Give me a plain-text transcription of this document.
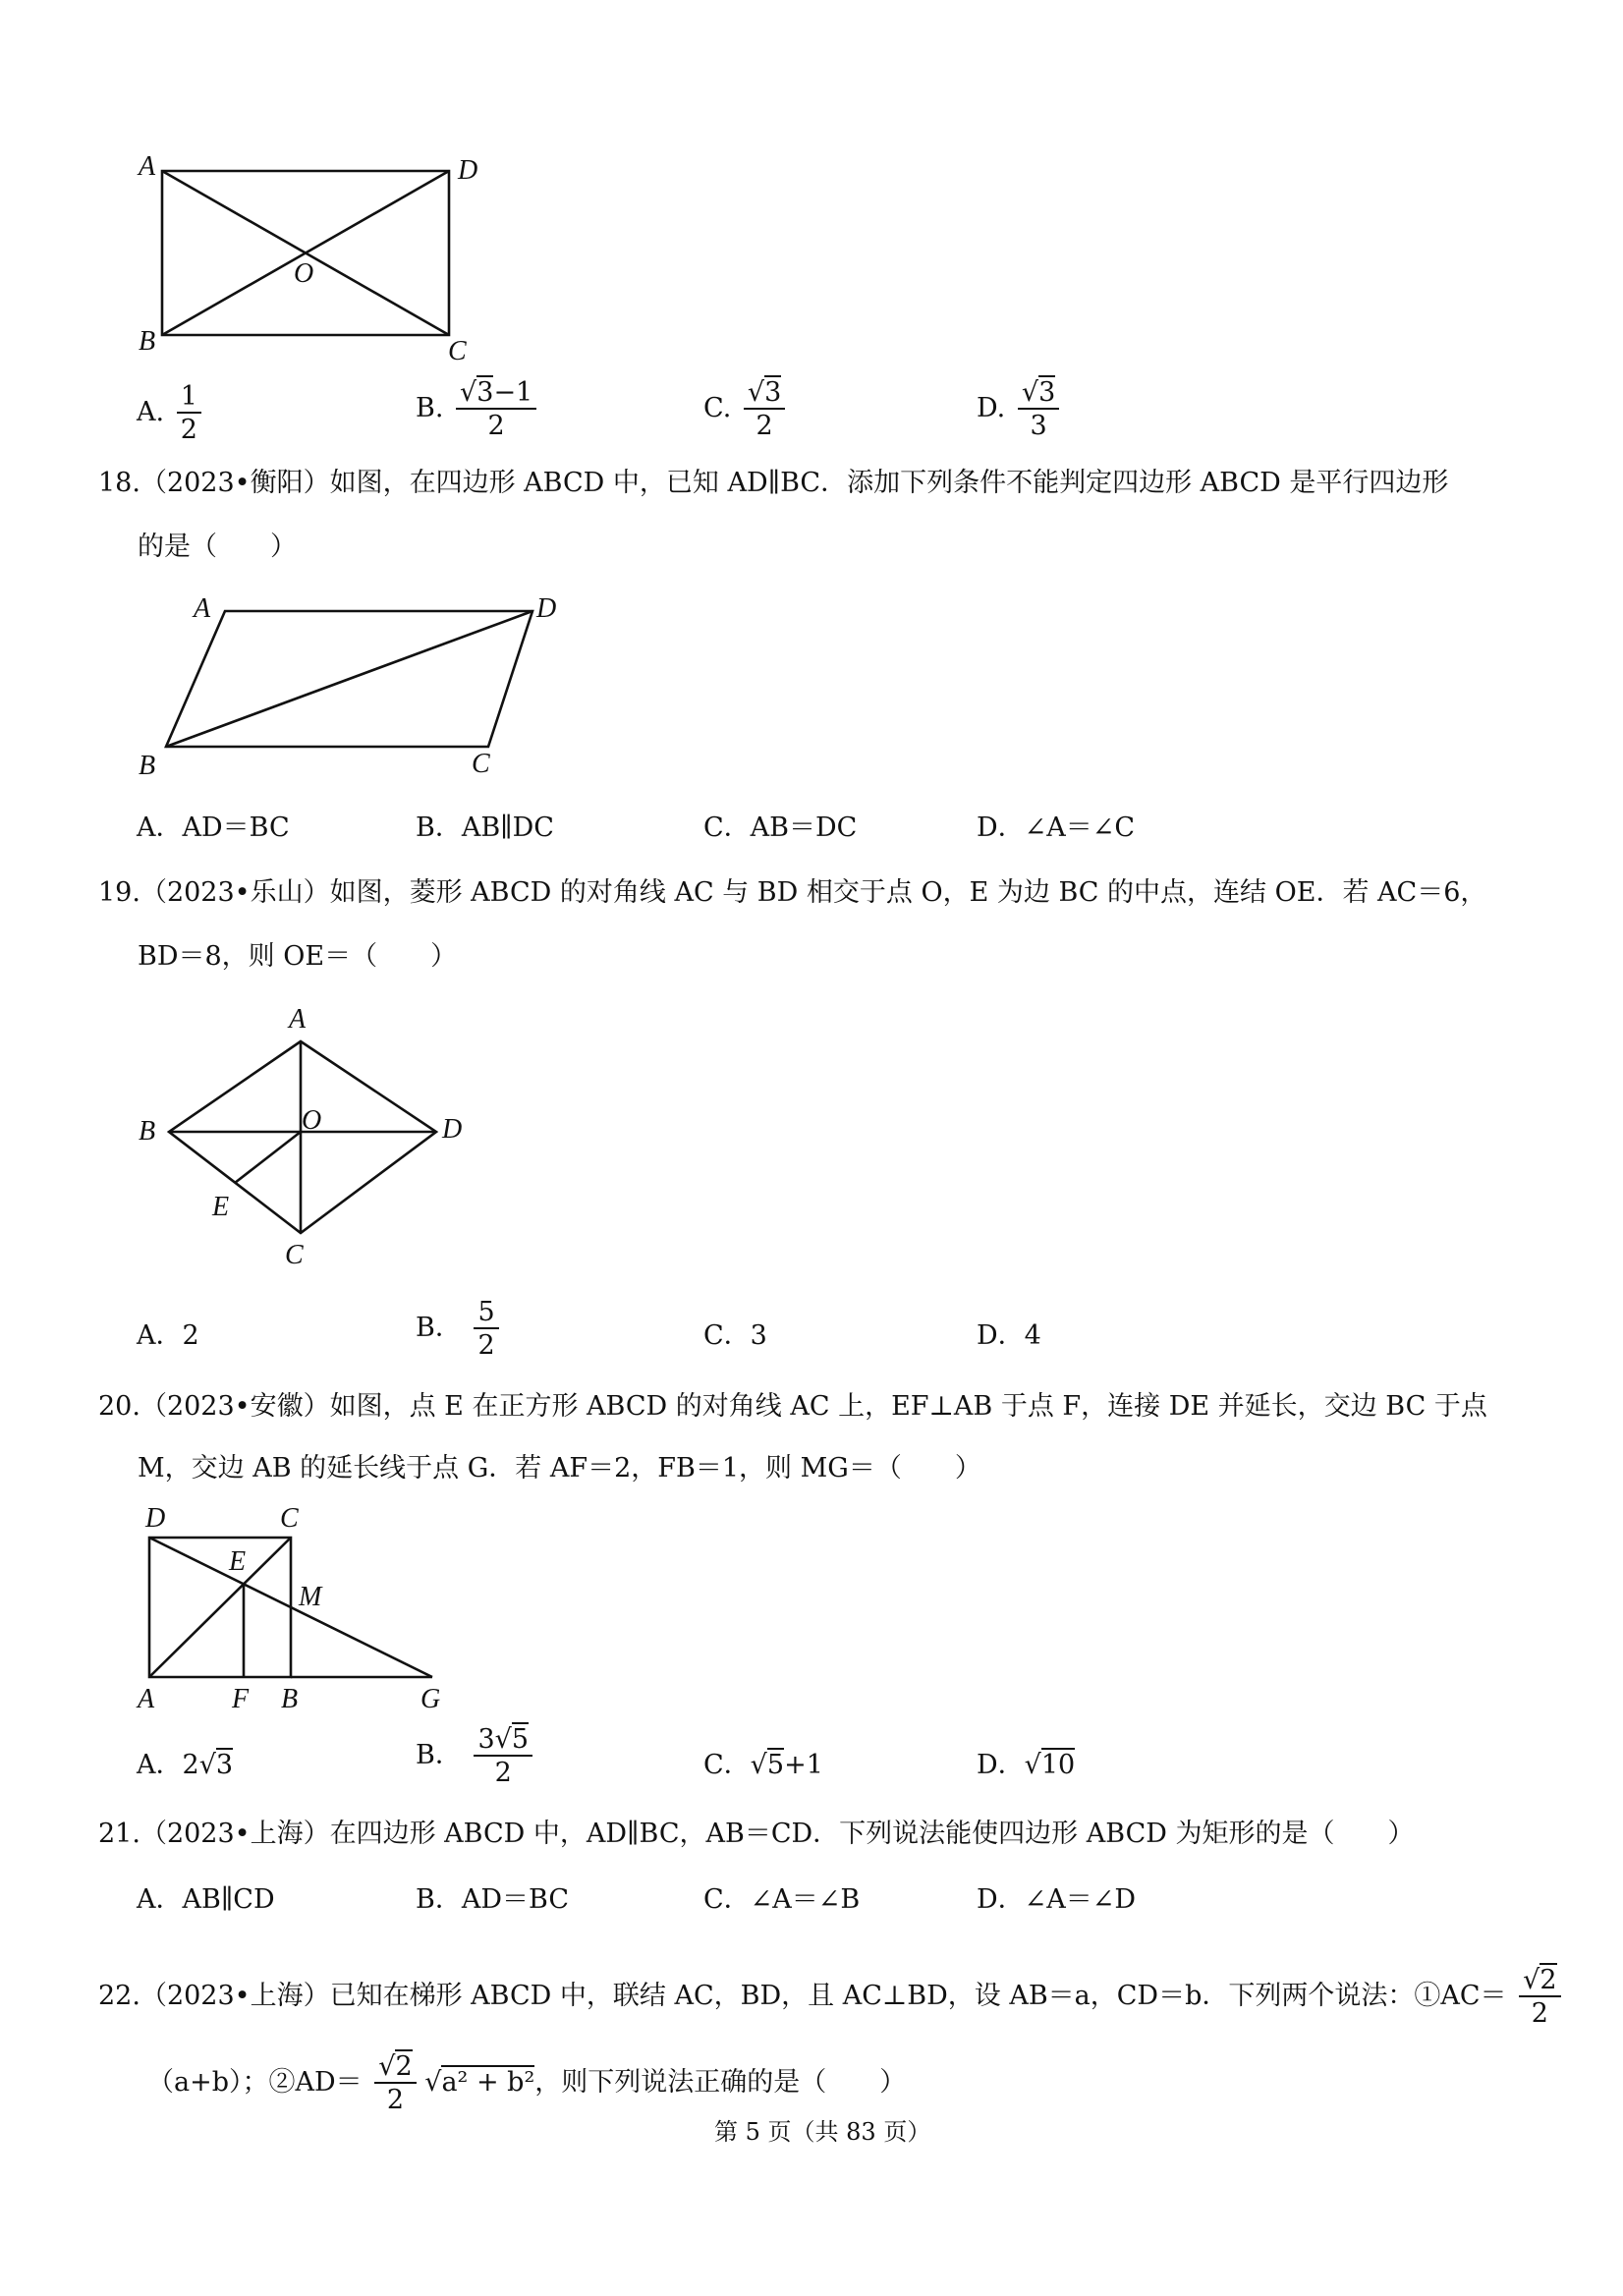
A	D
O
B	C
A. $\frac{1}{2}$	B. $\frac{√3-1}{2}$	C. $\frac{√3}{2}$	D. $\frac{√3}{3}$
18.（2023•衡阳）如图，在四边形 ABCD 中，已知 AD∥BC．添加下列条件不能判定四边形 ABCD 是平行四边形
的是（　　）
A	D
B	C
A．AD＝BC	B．AB∥DC	C．AB＝DC	D．∠A＝∠C
19.（2023•乐山）如图，菱形 ABCD 的对角线 AC 与 BD 相交于点 O，E 为边 BC 的中点，连结 OE．若 AC＝6，
BD＝8，则 OE＝（　　）
A
B	O	D
E
C
A．2	B． $\frac{5}{2}$	C．3	D．4
20.（2023•安徽）如图，点 E 在正方形 ABCD 的对角线 AC 上，EF⊥AB 于点 F，连接 DE 并延长，交边 BC 于点
M，交边 AB 的延长线于点 G．若 AF＝2，FB＝1，则 MG＝（　　）
D	C
E
M
A	F B	G
A．2√3	B． $\frac{3√5}{2}$	C．√5+1	D．√10
21.（2023•上海）在四边形 ABCD 中，AD∥BC，AB＝CD．下列说法能使四边形 ABCD 为矩形的是（　　）
A．AB∥CD	B．AD＝BC	C．∠A＝∠B	D．∠A＝∠D
22.（2023•上海）已知在梯形 ABCD 中，联结 AC，BD，且 AC⊥BD，设 AB＝a，CD＝b．下列两个说法：①AC＝ $\frac{√2}{2}$
（a+b）；②AD＝ $\frac{√2}{2} √a^2 + b^2$，则下列说法正确的是（　　）
第 5 页（共 83 页）
